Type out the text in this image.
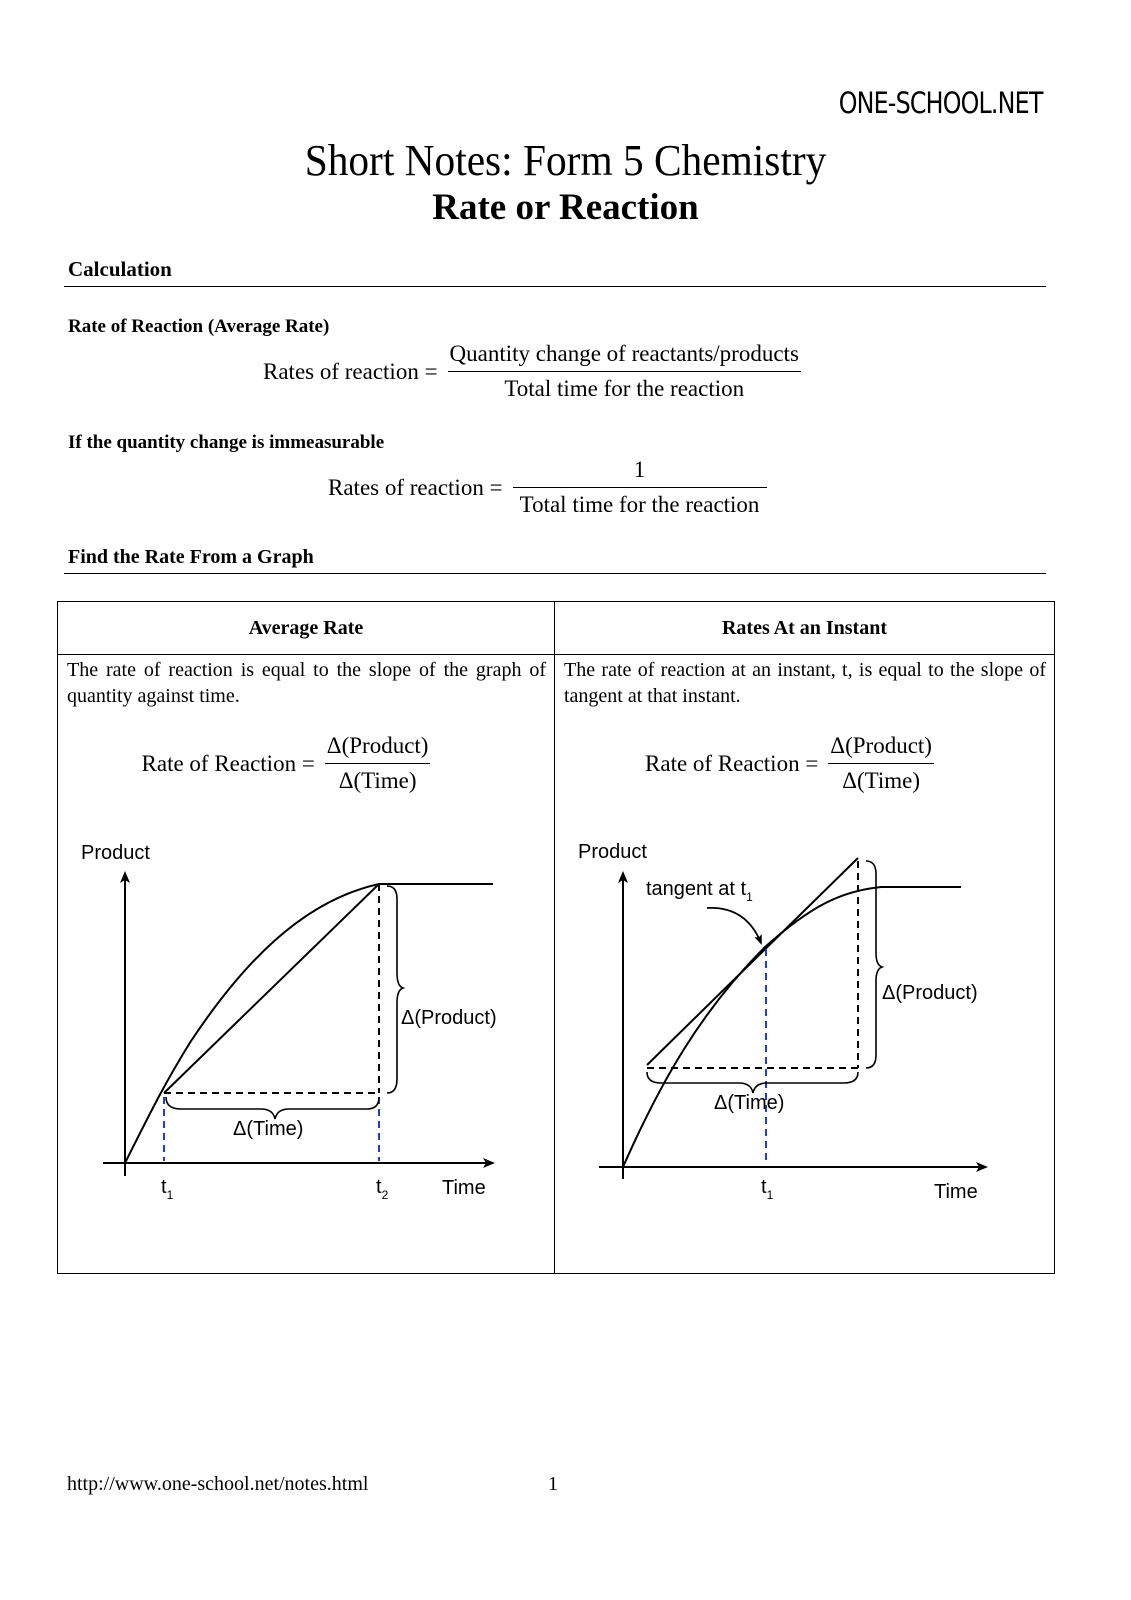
ONE-SCHOOL.NET
Short Notes: Form 5 Chemistry
Rate or Reaction
Calculation
Rate of Reaction (Average Rate)
Rates of reaction = $\frac{\text{Quantity change of reactants/products}}{\text{Total time for the reaction}}$
If the quantity change is immeasurable
Rates of reaction = $\frac{1}{\text{Total time for the reaction}}$
Find the Rate From a Graph
Average Rate	Rates At an Instant

The rate of reaction is equal to the slope of the graph of quantity against time.
Rate of Reaction = $\frac{\text{Δ(Product)}}{\text{Δ(Time)}}$
Product
Δ(Product)
Δ(Time)
$t_1$	$t_2$	Time

The rate of reaction at an instant, t, is equal to the slope of tangent at that instant.
Rate of Reaction = $\frac{\text{Δ(Product)}}{\text{Δ(Time)}}$
Product
tangent at $t_1$
Δ(Product)
Δ(Time)
$t_1$	Time
http://www.one-school.net/notes.html	1
